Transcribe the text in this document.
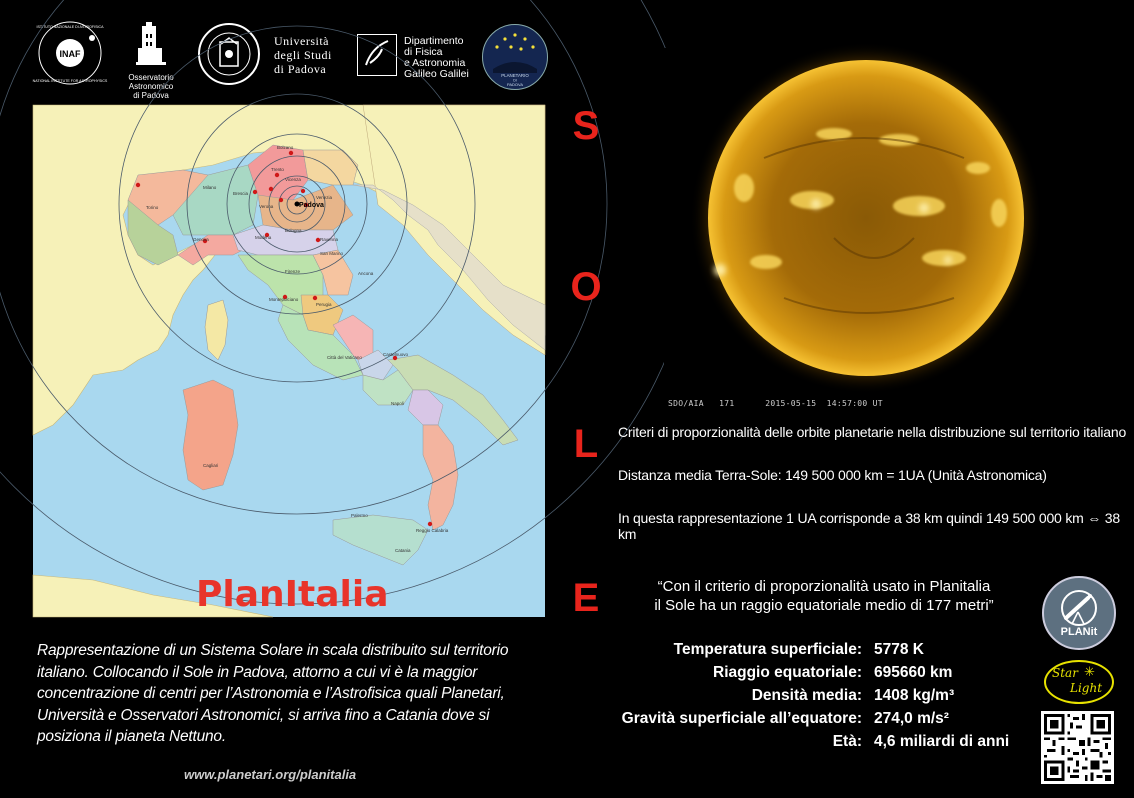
INAF
NATIONAL INSTITUTE FOR ASTROPHYSICS
ISTITUTO NAZIONALE DI ASTROFISICA
Osservatorio Astronomico
di Padova
Università
degli Studi
di Padova
Dipartimento
di Fisica
e Astronomia
Galileo Galilei	PLANETARIO
DI
PADOVA
Bolzano
Trento
Milano
Torino
Brescia
Verona
Vicenza
Venezia
Genova	Modena
Bologna
Ravenna
San Marino
Firenze
Perugia
Ancona
Montepulciano
Città del Vaticano
Castelnuovo
Napoli
Cagliari
Palermo
Reggio Calabria
Catania
Padova
PlanItalia
S
O
L
E
SDO/AIA   171      2015-05-15  14:57:00 UT
Criteri di proporzionalità delle orbite planetarie nella distribuzione sul territorio italiano
Distanza media Terra-Sole: 149 500 000 km = 1UA (Unità Astronomica)
In questa rappresentazione 1 UA corrisponde a 38 km quindi 149 500 000 km ⇔ 38 km
“Con il criterio di proporzionalità usato in Planitalia
il Sole ha un raggio equatoriale medio di 177 metri”
Rappresentazione di un Sistema Solare in scala distribuito sul territorio italiano. Collocando il Sole in Padova, attorno a cui vi è la maggior concentrazione di centri per l’Astronomia e l’Astrofisica quali Planetari, Università e Osservatori Astronomici, si arriva fino a Catania dove si posiziona il pianeta Nettuno.
www.planetari.org/planitalia
Temperatura superficiale:	5778 K
Riaggio equatoriale:	695660 km
Densità media:	1408 kg/m³
Gravità superficiale all’equatore:	274,0 m/s²
Età:	4,6 miliardi di anni
PLANit
Star ✳
Light
